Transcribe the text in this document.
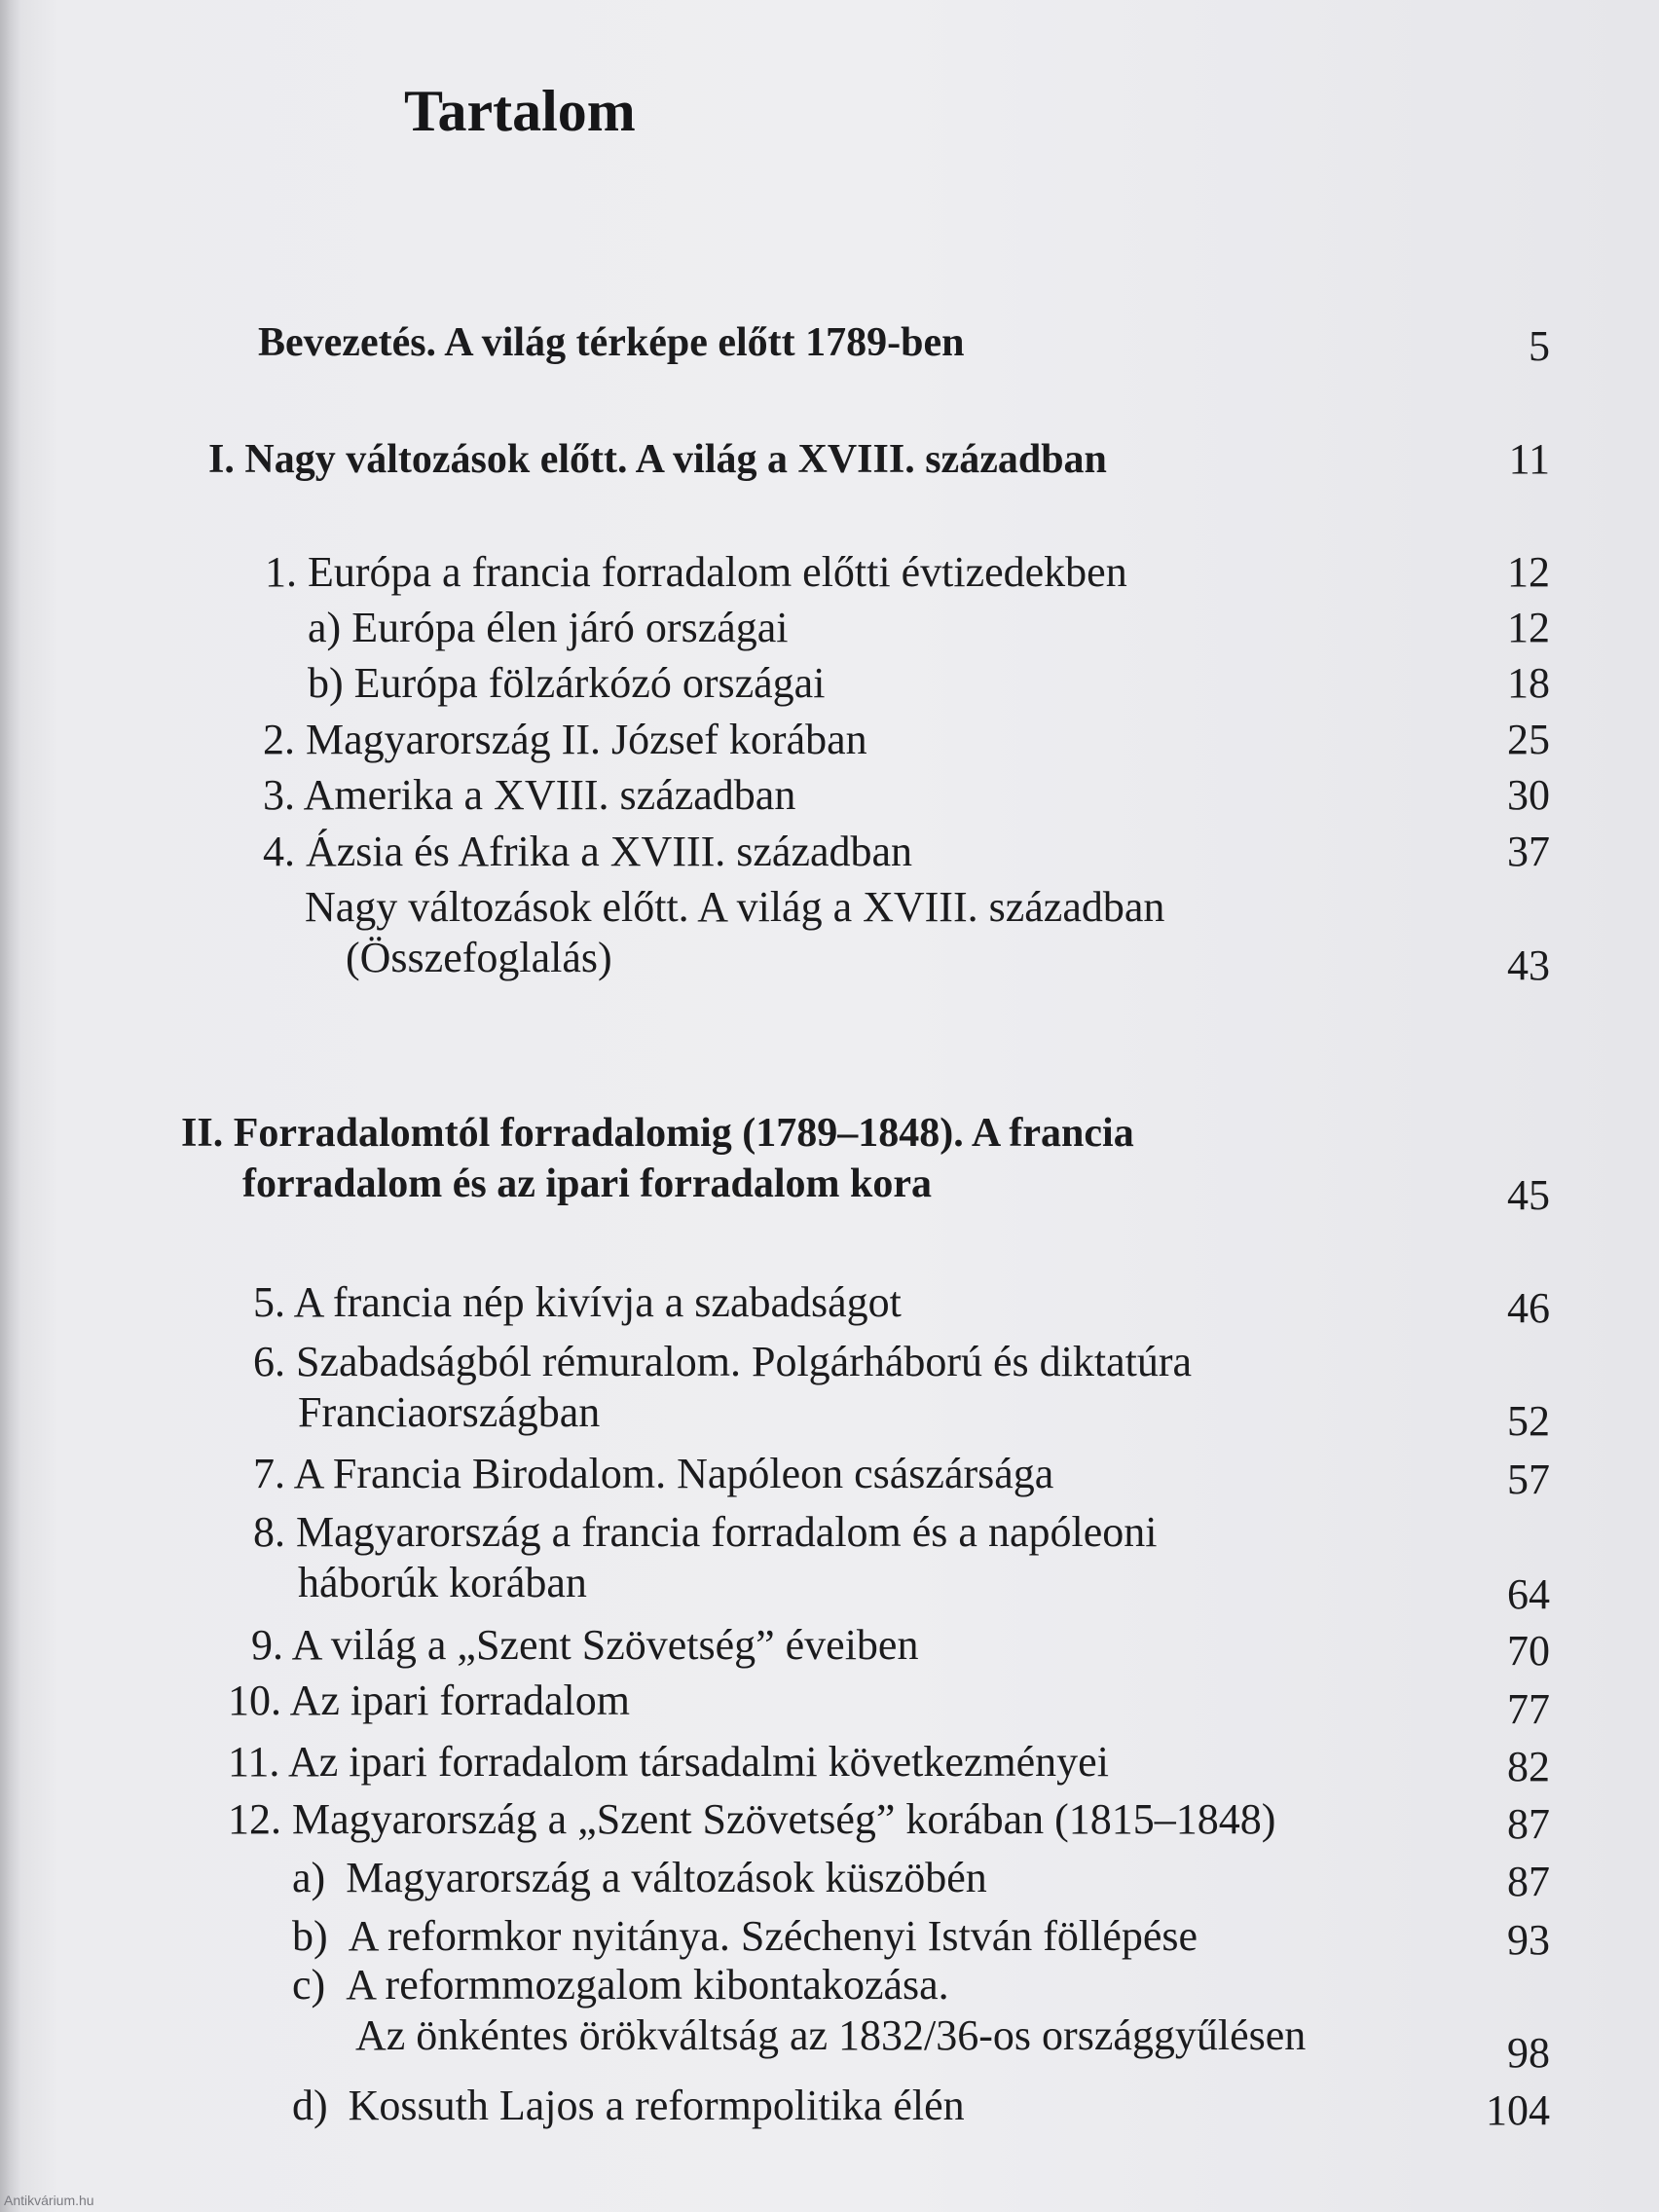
Tartalom
Bevezetés. A világ térképe előtt 1789-ben	5
I. Nagy változások előtt. A világ a XVIII. században	11
1. Európa a francia forradalom előtti évtizedekben	12
a) Európa élen járó országai	12
b) Európa fölzárkózó országai	18
2. Magyarország II. József korában	25
3. Amerika a XVIII. században	30
4. Ázsia és Afrika a XVIII. században	37
Nagy változások előtt. A világ a XVIII. században
(Összefoglalás)	43
II. Forradalomtól forradalomig (1789–1848). A francia
forradalom és az ipari forradalom kora	45
5. A francia nép kivívja a szabadságot	46
6. Szabadságból rémuralom. Polgárháború és diktatúra
Franciaországban	52
7. A Francia Birodalom. Napóleon császársága	57
8. Magyarország a francia forradalom és a napóleoni
háborúk korában	64
9. A világ a „Szent Szövetség” éveiben	70
10. Az ipari forradalom	77
11. Az ipari forradalom társadalmi következményei	82
12. Magyarország a „Szent Szövetség” korában (1815–1848)	87
a) Magyarország a változások küszöbén	87
b) A reformkor nyitánya. Széchenyi István föllépése	93
c) A reformmozgalom kibontakozása.
Az önkéntes örökváltság az 1832/36-os országgyűlésen	98
d) Kossuth Lajos a reformpolitika élén	104
Antikvárium.hu
